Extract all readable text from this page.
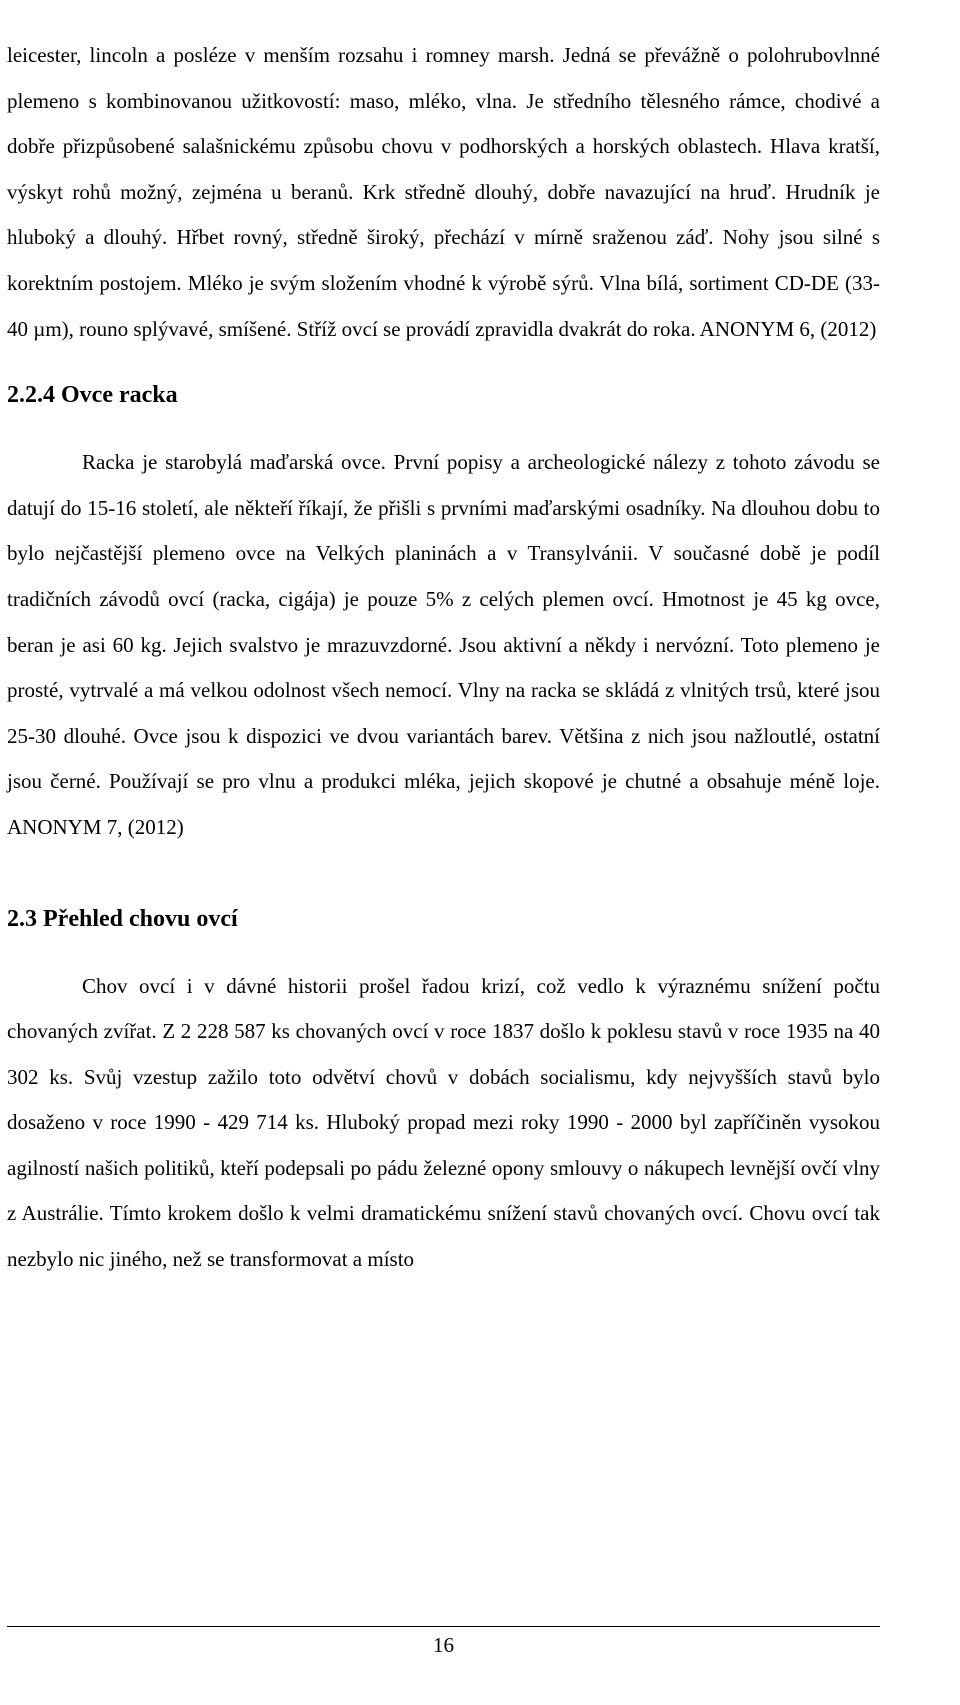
leicester, lincoln a posléze v menším rozsahu i romney marsh. Jedná se převážně o polohrubovlnné plemeno s kombinovanou užitkovostí: maso, mléko, vlna. Je středního tělesného rámce, chodivé a dobře přizpůsobené salašnickému způsobu chovu v podhorských a horských oblastech. Hlava kratší, výskyt rohů možný, zejména u beranů. Krk středně dlouhý, dobře navazující na hruď. Hrudník je hluboký a dlouhý. Hřbet rovný, středně široký, přechází v mírně sraženou záď. Nohy jsou silné s korektním postojem. Mléko je svým složením vhodné k výrobě sýrů. Vlna bílá, sortiment CD-DE (33-40 µm), rouno splývavé, smíšené. Stříž ovcí se provádí zpravidla dvakrát do roka. ANONYM 6, (2012)

2.2.4 Ovce racka

Racka je starobylá maďarská ovce. První popisy a archeologické nálezy z tohoto závodu se datují do 15-16 století, ale někteří říkají, že přišli s prvními maďarskými osadníky. Na dlouhou dobu to bylo nejčastější plemeno ovce na Velkých planinách a v Transylvánii. V současné době je podíl tradičních závodů ovcí (racka, cigája) je pouze 5% z celých plemen ovcí. Hmotnost je 45 kg ovce, beran je asi 60 kg. Jejich svalstvo je mrazuvzdorné. Jsou aktivní a někdy i nervózní. Toto plemeno je prosté, vytrvalé a má velkou odolnost všech nemocí. Vlny na racka se skládá z vlnitých trsů, které jsou 25-30 dlouhé. Ovce jsou k dispozici ve dvou variantách barev. Většina z nich jsou nažloutlé, ostatní jsou černé. Používají se pro vlnu a produkci mléka, jejich skopové je chutné a obsahuje méně loje. ANONYM 7, (2012)

2.3 Přehled chovu ovcí

Chov ovcí i v dávné historii prošel řadou krizí, což vedlo k výraznému snížení počtu chovaných zvířat. Z 2 228 587 ks chovaných ovcí v roce 1837 došlo k poklesu stavů v roce 1935 na 40 302 ks. Svůj vzestup zažilo toto odvětví chovů v dobách socialismu, kdy nejvyšších stavů bylo dosaženo v roce 1990 - 429 714 ks. Hluboký propad mezi roky 1990 - 2000 byl zapříčiněn vysokou agilností našich politiků, kteří podepsali po pádu železné opony smlouvy o nákupech levnější ovčí vlny z Austrálie. Tímto krokem došlo k velmi dramatickému snížení stavů chovaných ovcí. Chovu ovcí tak nezbylo nic jiného, než se transformovat a místo

16
